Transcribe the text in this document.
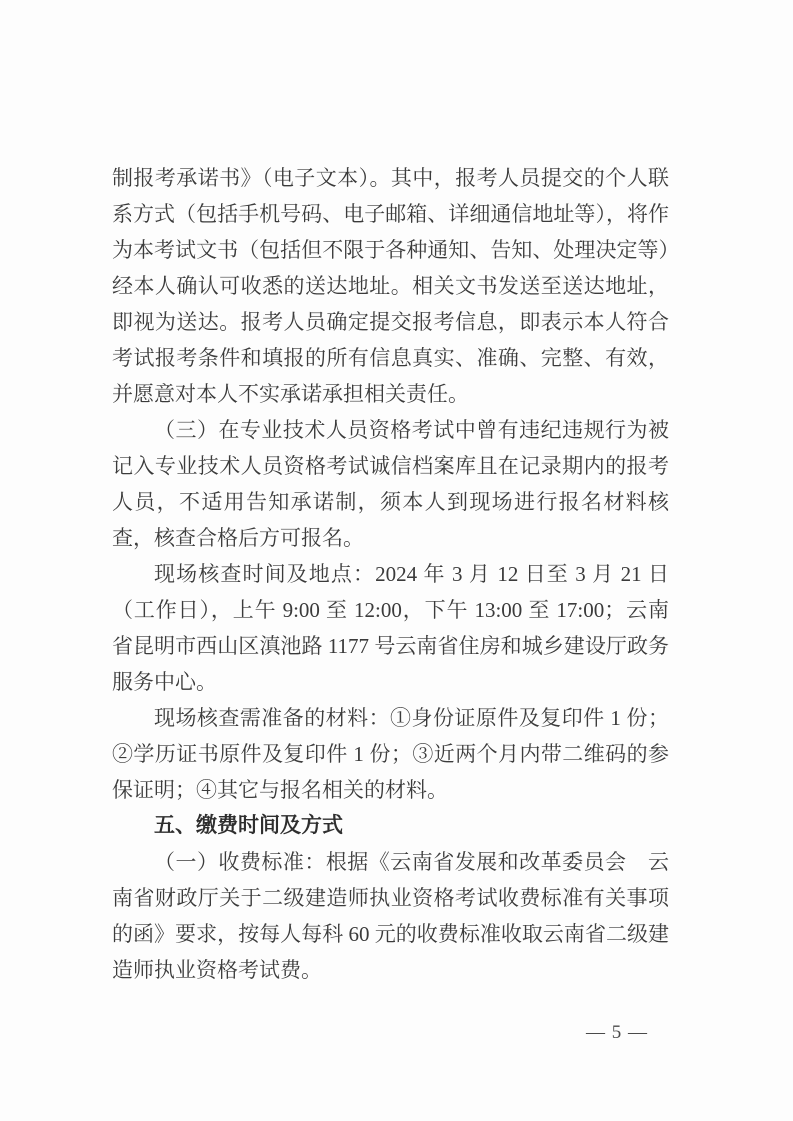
制报考承诺书》（电子文本）。其中，报考人员提交的个人联系方式（包括手机号码、电子邮箱、详细通信地址等），将作为本考试文书（包括但不限于各种通知、告知、处理决定等）经本人确认可收悉的送达地址。相关文书发送至送达地址，即视为送达。报考人员确定提交报考信息，即表示本人符合考试报考条件和填报的所有信息真实、准确、完整、有效，并愿意对本人不实承诺承担相关责任。

（三）在专业技术人员资格考试中曾有违纪违规行为被记入专业技术人员资格考试诚信档案库且在记录期内的报考人员，不适用告知承诺制，须本人到现场进行报名材料核查，核查合格后方可报名。

现场核查时间及地点：2024 年 3 月 12 日至 3 月 21 日（工作日），上午 9:00 至 12:00，下午 13:00 至 17:00；云南省昆明市西山区滇池路 1177 号云南省住房和城乡建设厅政务服务中心。

现场核查需准备的材料：①身份证原件及复印件 1 份；②学历证书原件及复印件 1 份；③近两个月内带二维码的参保证明；④其它与报名相关的材料。

五、缴费时间及方式

（一）收费标准：根据《云南省发展和改革委员会　云南省财政厅关于二级建造师执业资格考试收费标准有关事项的函》要求，按每人每科 60 元的收费标准收取云南省二级建造师执业资格考试费。

— 5 —
